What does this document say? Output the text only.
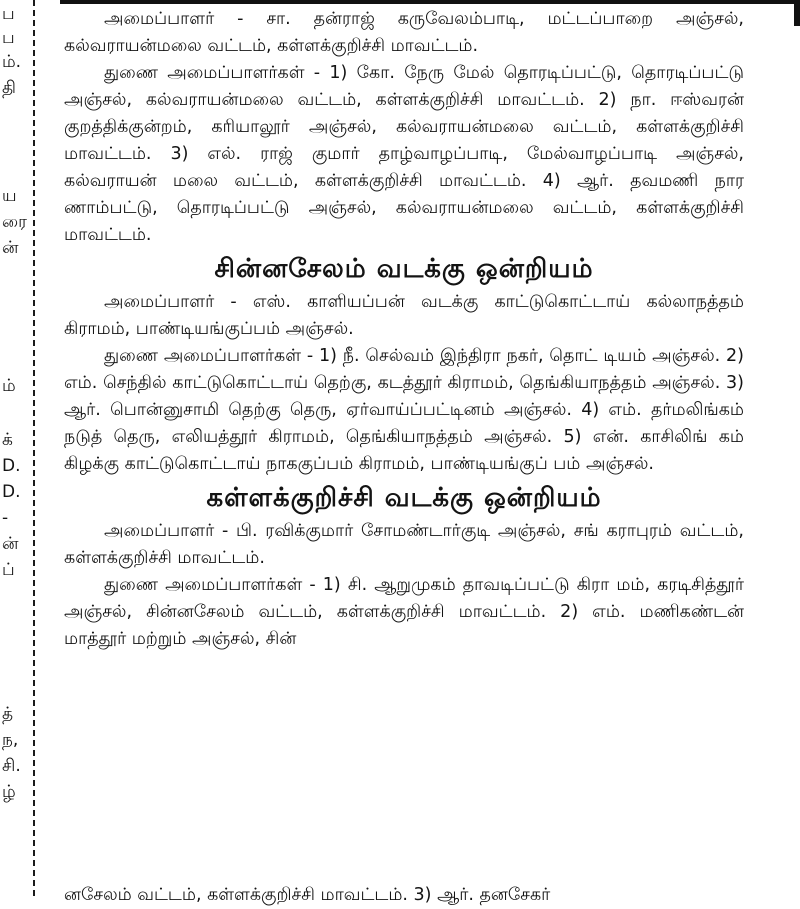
ப
ப
ம்.
தி
ய
ரை
ன்
ம்
க்
D.
D.
-
ன்
ப்
த்
ந,
சி.
ழ்

அமைப்பாளர் - சா. தன்ராஜ் கருவேலம்பாடி, மட்டப்பாறை அஞ்சல், கல்வராயன்மலை வட்டம், கள்ளக்குறிச்சி மாவட்டம்.

துணை அமைப்பாளர்கள் - 1) கோ. நேரு மேல் தொரடிப்பட்டு, தொரடிப்பட்டு அஞ்சல், கல்வராயன்மலை வட்டம், கள்ளக்குறிச்சி மாவட்டம். 2) நா. ஈஸ்வரன் குறத்திக்குன்றம், கரியாலூர் அஞ்சல், கல்வராயன்மலை வட்டம், கள்ளக்குறிச்சி மாவட்டம். 3) எல். ராஜ் குமார் தாழ்வாழப்பாடி, மேல்வாழப்பாடி அஞ்சல், கல்வராயன் மலை வட்டம், கள்ளக்குறிச்சி மாவட்டம். 4) ஆர். தவமணி நார ணாம்பட்டு, தொரடிப்பட்டு அஞ்சல், கல்வராயன்மலை வட்டம், கள்ளக்குறிச்சி மாவட்டம்.

சின்னசேலம் வடக்கு ஒன்றியம்

அமைப்பாளர் - எஸ். காளியப்பன் வடக்கு காட்டுகொட்டாய் கல்லாநத்தம் கிராமம், பாண்டியங்குப்பம் அஞ்சல்.

துணை அமைப்பாளர்கள் - 1) நீ. செல்வம் இந்திரா நகர், தொட் டியம் அஞ்சல். 2) எம். செந்தில் காட்டுகொட்டாய் தெற்கு, கடத்தூர் கிராமம், தெங்கியாநத்தம் அஞ்சல். 3) ஆர். பொன்னுசாமி தெற்கு தெரு, ஏர்வாய்ப்பட்டினம் அஞ்சல். 4) எம். தர்மலிங்கம் நடுத் தெரு, எலியத்தூர் கிராமம், தெங்கியாநத்தம் அஞ்சல். 5) என். காசிலிங் கம் கிழக்கு காட்டுகொட்டாய் நாககுப்பம் கிராமம், பாண்டியங்குப் பம் அஞ்சல்.

கள்ளக்குறிச்சி வடக்கு ஒன்றியம்

அமைப்பாளர் - பி. ரவிக்குமார் சோமண்டார்குடி அஞ்சல், சங் கராபுரம் வட்டம், கள்ளக்குறிச்சி மாவட்டம்.

துணை அமைப்பாளர்கள் - 1) சி. ஆறுமுகம் தாவடிப்பட்டு கிரா மம், கரடிசித்தூர் அஞ்சல், சின்னசேலம் வட்டம், கள்ளக்குறிச்சி மாவட்டம். 2) எம். மணிகண்டன் மாத்தூர் மற்றும் அஞ்சல், சின்

னசேலம் வட்டம், கள்ளக்குறிச்சி மாவட்டம். 3) ஆர். தனசேகர்
